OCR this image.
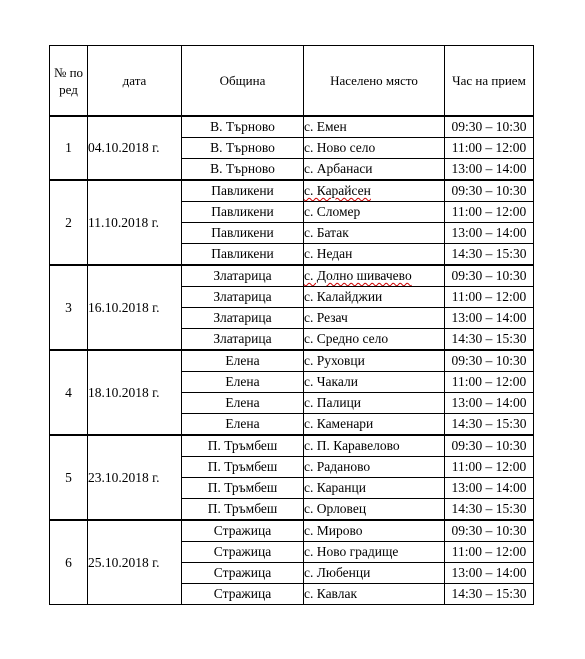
№ по ред	дата	Община	Населено място	Час на прием
1	04.10.2018 г.	В. Търново	с. Емен	09:30 – 10:30
		В. Търново	с. Ново село	11:00 – 12:00
		В. Търново	с. Арбанаси	13:00 – 14:00
2	11.10.2018 г.	Павликени	с. Карайсен	09:30 – 10:30
		Павликени	с. Сломер	11:00 – 12:00
		Павликени	с. Батак	13:00 – 14:00
		Павликени	с. Недан	14:30 – 15:30
3	16.10.2018 г.	Златарица	с. Долно шивачево	09:30 – 10:30
		Златарица	с. Калайджии	11:00 – 12:00
		Златарица	с. Резач	13:00 – 14:00
		Златарица	с. Средно село	14:30 – 15:30
4	18.10.2018 г.	Елена	с. Руховци	09:30 – 10:30
		Елена	с. Чакали	11:00 – 12:00
		Елена	с. Палици	13:00 – 14:00
		Елена	с. Каменари	14:30 – 15:30
5	23.10.2018 г.	П. Тръмбеш	с. П. Каравелово	09:30 – 10:30
		П. Тръмбеш	с. Раданово	11:00 – 12:00
		П. Тръмбеш	с. Каранци	13:00 – 14:00
		П. Тръмбеш	с. Орловец	14:30 – 15:30
6	25.10.2018 г.	Стражица	с. Мирово	09:30 – 10:30
		Стражица	с. Ново градище	11:00 – 12:00
		Стражица	с. Любенци	13:00 – 14:00
		Стражица	с. Кавлак	14:30 – 15:30
